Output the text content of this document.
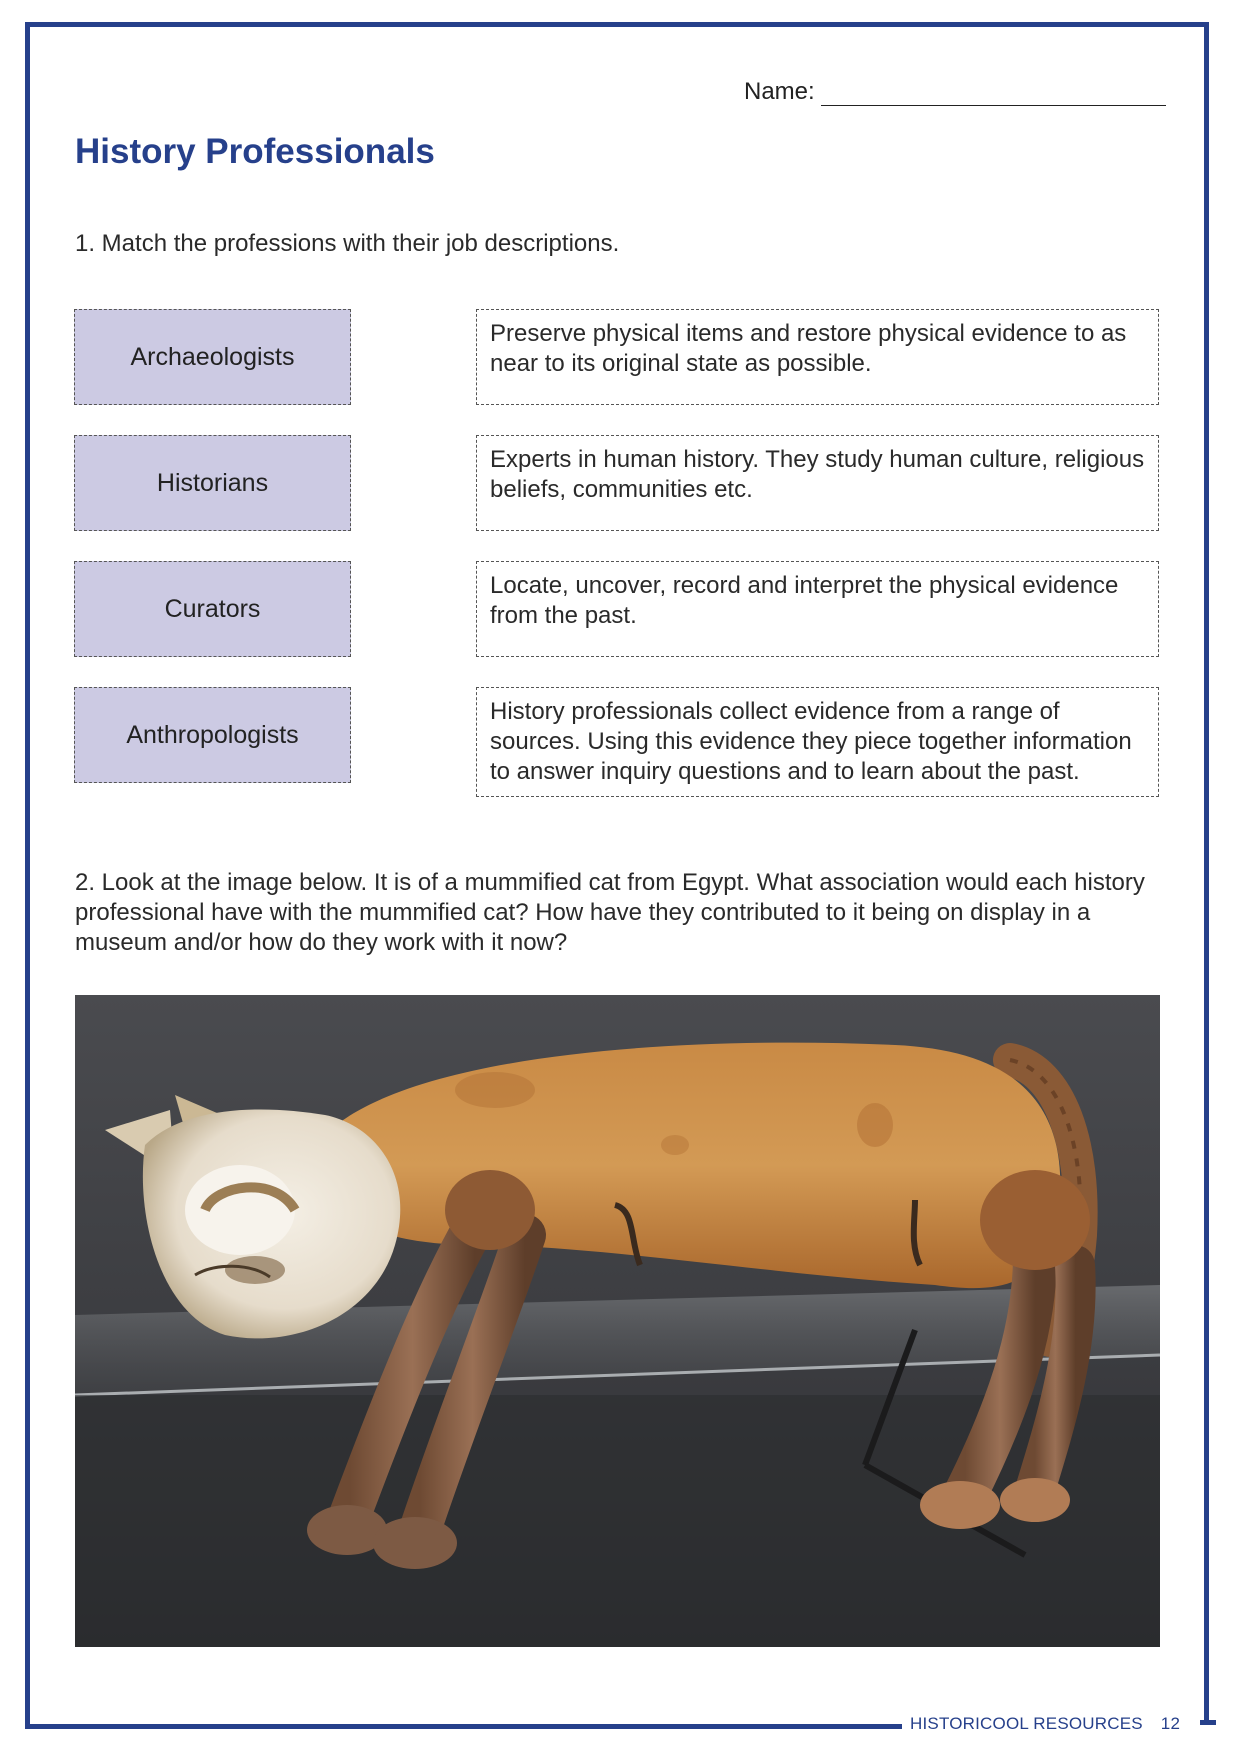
HISTORICOOL RESOURCES 12
Name:
History Professionals
1. Match the professions with their job descriptions.
Archaeologists
Historians
Curators
Anthropologists
Preserve physical items and restore physical evidence to as near to its original state as possible.
Experts in human history. They study human culture, religious beliefs, communities etc.
Locate, uncover, record and interpret the physical evidence from the past.
History professionals collect evidence from a range of sources. Using this evidence they piece together information to answer inquiry questions and to learn about the past.
2. Look at the image below. It is of a mummified cat from Egypt. What association would each history professional have with the mummified cat? How have they contributed to it being on display in a museum and/or how do they work with it now?
